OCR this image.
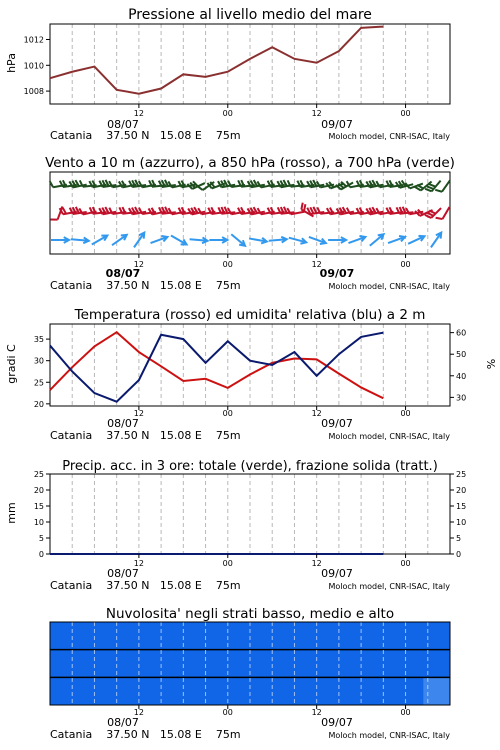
Pressione al livello medio del mare
hPa
1008
1010
1012
12	00	12	00
08/07	09/07
Catania    37.50 N   15.08 E    75m	Moloch model, CNR-ISAC, Italy
Vento a 10 m (azzurro), a 850 hPa (rosso), a 700 hPa (verde)
12	00	12	00
08/07	09/07
Catania    37.50 N   15.08 E    75m	Moloch model, CNR-ISAC, Italy
Temperatura (rosso) ed umidita' relativa (blu) a 2 m
gradi C	%
20
25
30
35
30
40
50
60
12	00	12	00
08/07	09/07
Catania    37.50 N   15.08 E    75m	Moloch model, CNR-ISAC, Italy
Precip. acc. in 3 ore: totale (verde), frazione solida (tratt.)
mm
0
5
10
15
20
25
0
5
10
15
20
25
12	00	12	00
08/07	09/07
Catania    37.50 N   15.08 E    75m	Moloch model, CNR-ISAC, Italy
Nuvolosita' negli strati basso, medio e alto
12	00	12	00
08/07	09/07
Catania    37.50 N   15.08 E    75m	Moloch model, CNR-ISAC, Italy
